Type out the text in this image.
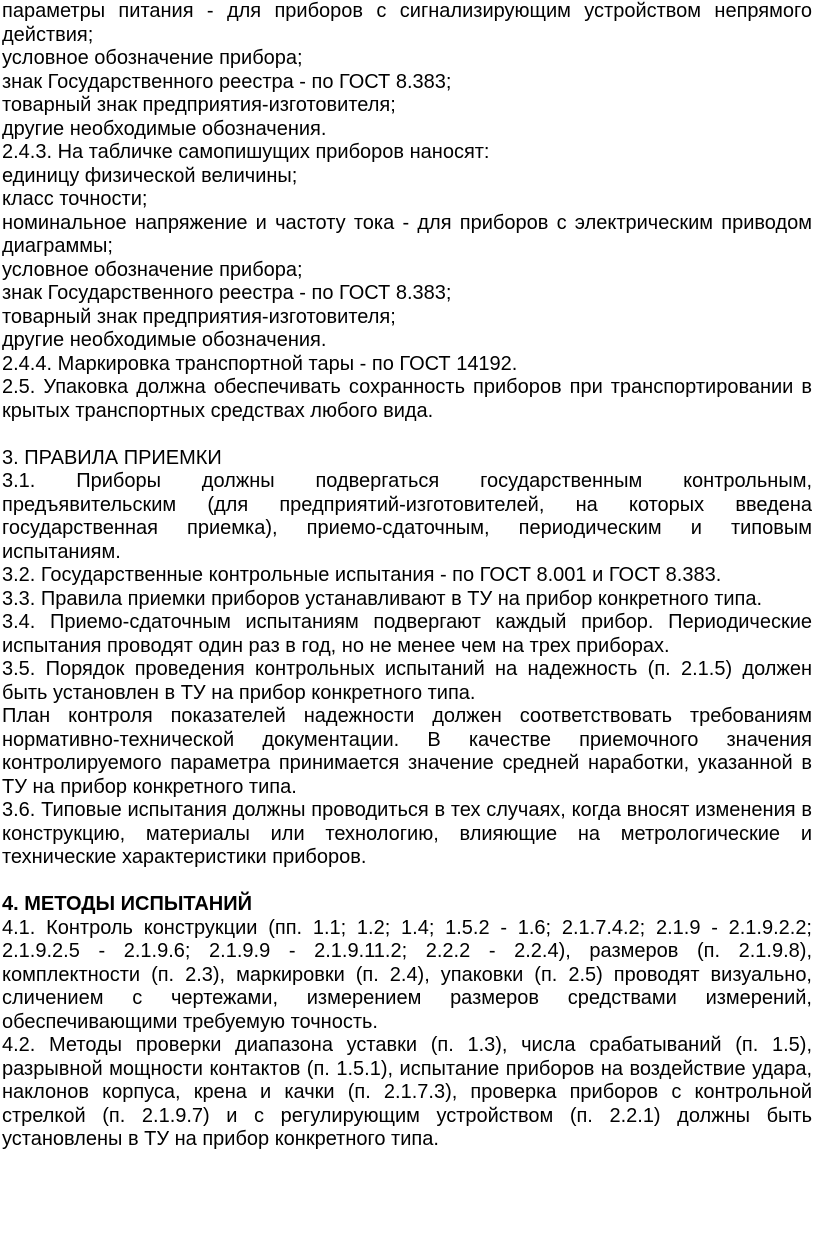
параметры питания - для приборов с сигнализирующим устройством непрямого действия;

условное обозначение прибора;

знак Государственного реестра - по ГОСТ 8.383;

товарный знак предприятия-изготовителя;

другие необходимые обозначения.

2.4.3. На табличке самопишущих приборов наносят:

единицу физической величины;

класс точности;

номинальное напряжение и частоту тока - для приборов с электрическим приводом диаграммы;

условное обозначение прибора;

знак Государственного реестра - по ГОСТ 8.383;

товарный знак предприятия-изготовителя;

другие необходимые обозначения.

2.4.4. Маркировка транспортной тары - по ГОСТ 14192.

2.5. Упаковка должна обеспечивать сохранность приборов при транспортировании в крытых транспортных средствах любого вида.

3. ПРАВИЛА ПРИЕМКИ

3.1. Приборы должны подвергаться государственным контрольным, предъявительским (для предприятий-изготовителей, на которых введена государственная приемка), приемо-сдаточным, периодическим и типовым испытаниям.

3.2. Государственные контрольные испытания - по ГОСТ 8.001 и ГОСТ 8.383.

3.3. Правила приемки приборов устанавливают в ТУ на прибор конкретного типа.

3.4. Приемо-сдаточным испытаниям подвергают каждый прибор. Периодические испытания проводят один раз в год, но не менее чем на трех приборах.

3.5. Порядок проведения контрольных испытаний на надежность (п. 2.1.5) должен быть установлен в ТУ на прибор конкретного типа.

План контроля показателей надежности должен соответствовать требованиям нормативно-технической документации. В качестве приемочного значения контролируемого параметра принимается значение средней наработки, указанной в ТУ на прибор конкретного типа.

3.6. Типовые испытания должны проводиться в тех случаях, когда вносят изменения в конструкцию, материалы или технологию, влияющие на метрологические и технические характеристики приборов.

4. МЕТОДЫ ИСПЫТАНИЙ

4.1. Контроль конструкции (пп. 1.1; 1.2; 1.4; 1.5.2 - 1.6; 2.1.7.4.2; 2.1.9 - 2.1.9.2.2; 2.1.9.2.5 - 2.1.9.6; 2.1.9.9 - 2.1.9.11.2; 2.2.2 - 2.2.4), размеров (п. 2.1.9.8), комплектности (п. 2.3), маркировки (п. 2.4), упаковки (п. 2.5) проводят визуально, сличением с чертежами, измерением размеров средствами измерений, обеспечивающими требуемую точность.

4.2. Методы проверки диапазона уставки (п. 1.3), числа срабатываний (п. 1.5), разрывной мощности контактов (п. 1.5.1), испытание приборов на воздействие удара, наклонов корпуса, крена и качки (п. 2.1.7.3), проверка приборов с контрольной стрелкой (п. 2.1.9.7) и с регулирующим устройством (п. 2.2.1) должны быть установлены в ТУ на прибор конкретного типа.
